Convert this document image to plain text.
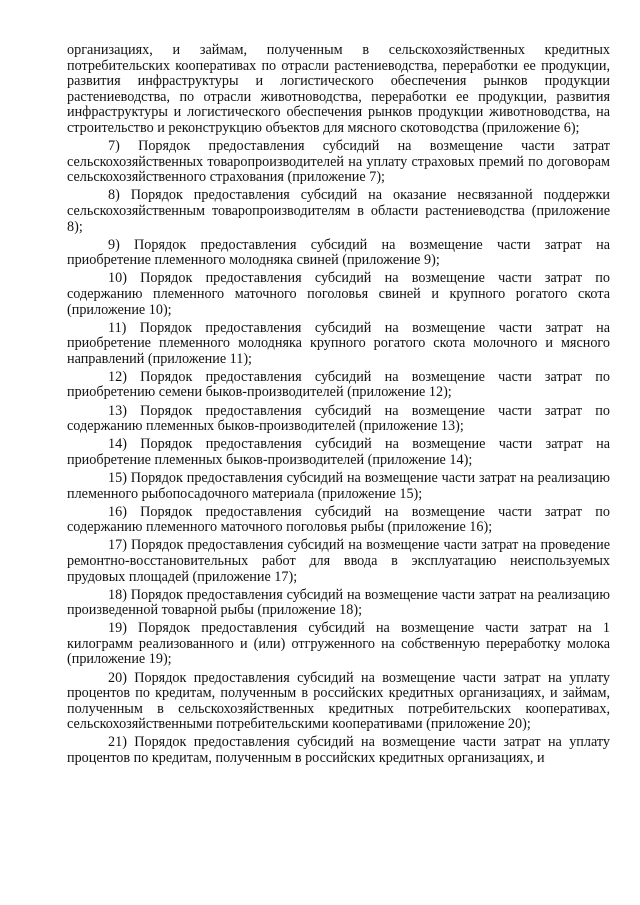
организациях, и займам, полученным в сельскохозяйственных кредитных потребительских кооперативах по отрасли растениеводства, переработки ее продукции, развития инфраструктуры и логистического обеспечения рынков продукции растениеводства, по отрасли животноводства, переработки ее продукции, развития инфраструктуры и логистического обеспечения рынков продукции животноводства, на строительство и реконструкцию объектов для мясного скотоводства (приложение 6);

7) Порядок предоставления субсидий на возмещение части затрат сельскохозяйственных товаропроизводителей на уплату страховых премий по договорам сельскохозяйственного страхования (приложение 7);

8) Порядок предоставления субсидий на оказание несвязанной поддержки сельскохозяйственным товаропроизводителям в области растениеводства (приложение 8);

9) Порядок предоставления субсидий на возмещение части затрат на приобретение племенного молодняка свиней (приложение 9);

10) Порядок предоставления субсидий на возмещение части затрат по содержанию племенного маточного поголовья свиней и крупного рогатого скота (приложение 10);

11) Порядок предоставления субсидий на возмещение части затрат на приобретение племенного молодняка крупного рогатого скота молочного и мясного направлений (приложение 11);

12) Порядок предоставления субсидий на возмещение части затрат по приобретению семени быков-производителей (приложение 12);

13) Порядок предоставления субсидий на возмещение части затрат по содержанию племенных быков-производителей (приложение 13);

14) Порядок предоставления субсидий на возмещение части затрат на приобретение племенных быков-производителей (приложение 14);

15) Порядок предоставления субсидий на возмещение части затрат на реализацию племенного рыбопосадочного материала (приложение 15);

16) Порядок предоставления субсидий на возмещение части затрат по содержанию племенного маточного поголовья рыбы (приложение 16);

17) Порядок предоставления субсидий на возмещение части затрат на проведение ремонтно-восстановительных работ для ввода в эксплуатацию неиспользуемых прудовых площадей (приложение 17);

18) Порядок предоставления субсидий на возмещение части затрат на реализацию произведенной товарной рыбы (приложение 18);

19) Порядок предоставления субсидий на возмещение части затрат на 1 килограмм реализованного и (или) отгруженного на собственную переработку молока (приложение 19);

20) Порядок предоставления субсидий на возмещение части затрат на уплату процентов по кредитам, полученным в российских кредитных организациях, и займам, полученным в сельскохозяйственных кредитных потребительских кооперативах, сельскохозяйственными потребительскими кооперативами (приложение 20);

21) Порядок предоставления субсидий на возмещение части затрат на уплату процентов по кредитам, полученным в российских кредитных организациях, и
